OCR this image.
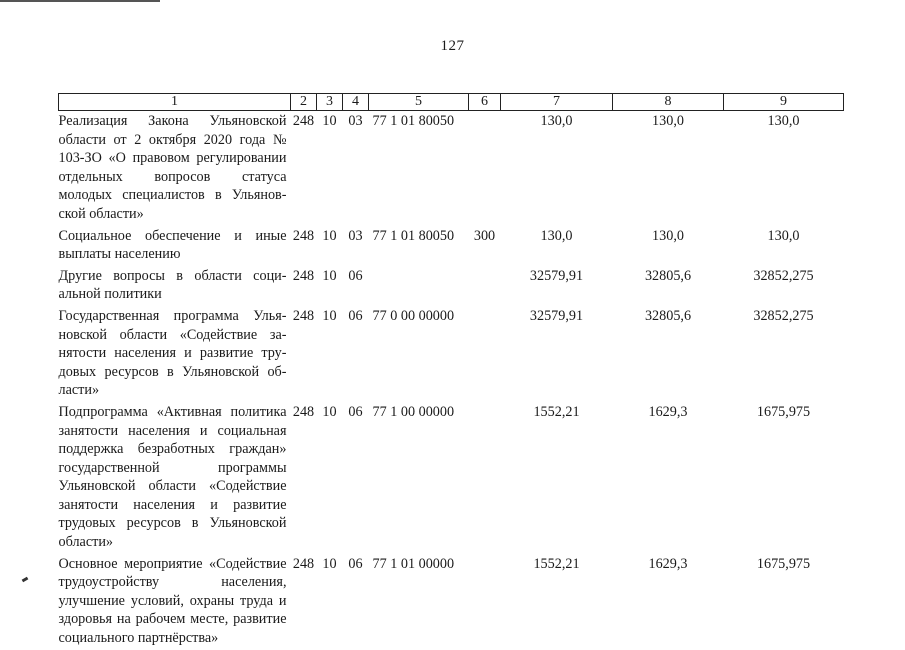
127
1	2	3	4	5	6	7	8	9
Реализация Закона Ульяновской области от 2 октября 2020 года № 103-ЗО «О правовом регулировании отдельных вопросов статуса молодых специалистов в Ульяновской области»	248	10	03	77 1 01 80050		130,0	130,0	130,0
Социальное обеспечение и иные выплаты населению	248	10	03	77 1 01 80050	300	130,0	130,0	130,0
Другие вопросы в области социальной политики	248	10	06			32579,91	32805,6	32852,275
Государственная программа Ульяновской области «Содействие занятости населения и развитие трудовых ресурсов в Ульяновской области»	248	10	06	77 0 00 00000		32579,91	32805,6	32852,275
Подпрограмма «Активная политика занятости населения и социальная поддержка безработных граждан» государственной программы Ульяновской области «Содействие занятости населения и развитие трудовых ресурсов в Ульяновской области»	248	10	06	77 1 00 00000		1552,21	1629,3	1675,975
Основное мероприятие «Содействие трудоустройству населения, улучшение условий, охраны труда и здоровья на рабочем месте, развитие социального партнёрства»	248	10	06	77 1 01 00000		1552,21	1629,3	1675,975
